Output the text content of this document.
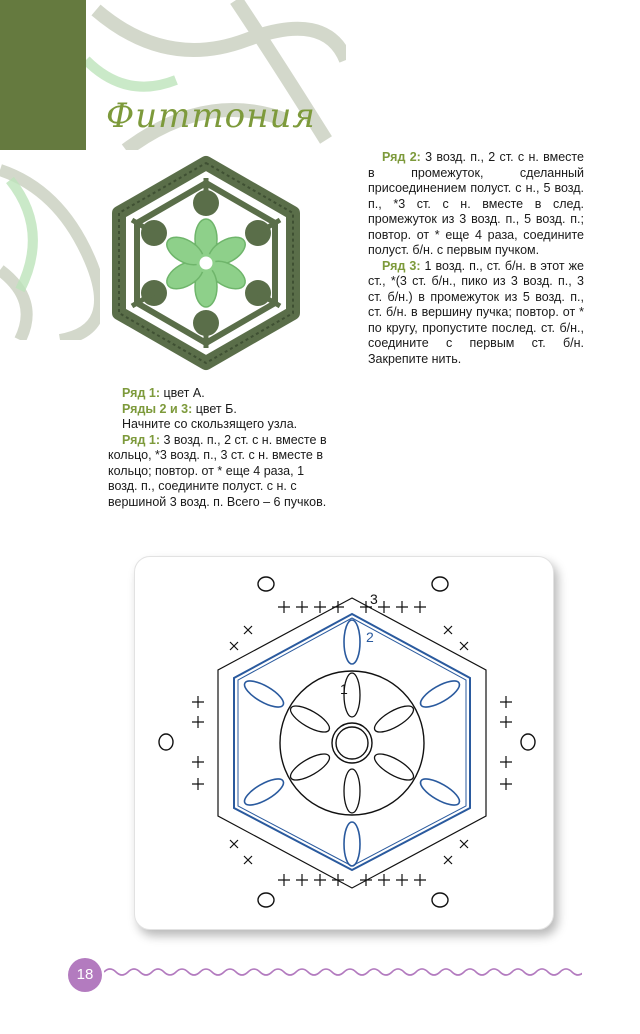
Фиттония

Ряд 2: 3 возд. п., 2 ст. с н. вместе в промежуток, сделанный присоединением полуст. с н., 5 возд. п., *3 ст. с н. вместе в след. промежуток из 3 возд. п., 5 возд. п.; повтор. от * еще 4 раза, соедините полуст. б/н. с первым пучком.

Ряд 3: 1 возд. п., ст. б/н. в этот же ст., *(3 ст. б/н., пико из 3 возд. п., 3 ст. б/н.) в промежуток из 5 возд. п., ст. б/н. в вершину пучка; повтор. от * по кругу, пропустите послед. ст. б/н., соедините с первым ст. б/н. Закрепите нить.

Ряд 1: цвет А.

Ряды 2 и 3: цвет Б.

Начните со скользящего узла.

Ряд 1: 3 возд. п., 2 ст. с н. вместе в кольцо, *3 возд. п., 3 ст. с н. вместе в кольцо; повтор. от * еще 4 раза, 1 возд. п., соедините полуст. с н. с вершиной 3 возд. п. Всего – 6 пучков.

3
2
1
18
